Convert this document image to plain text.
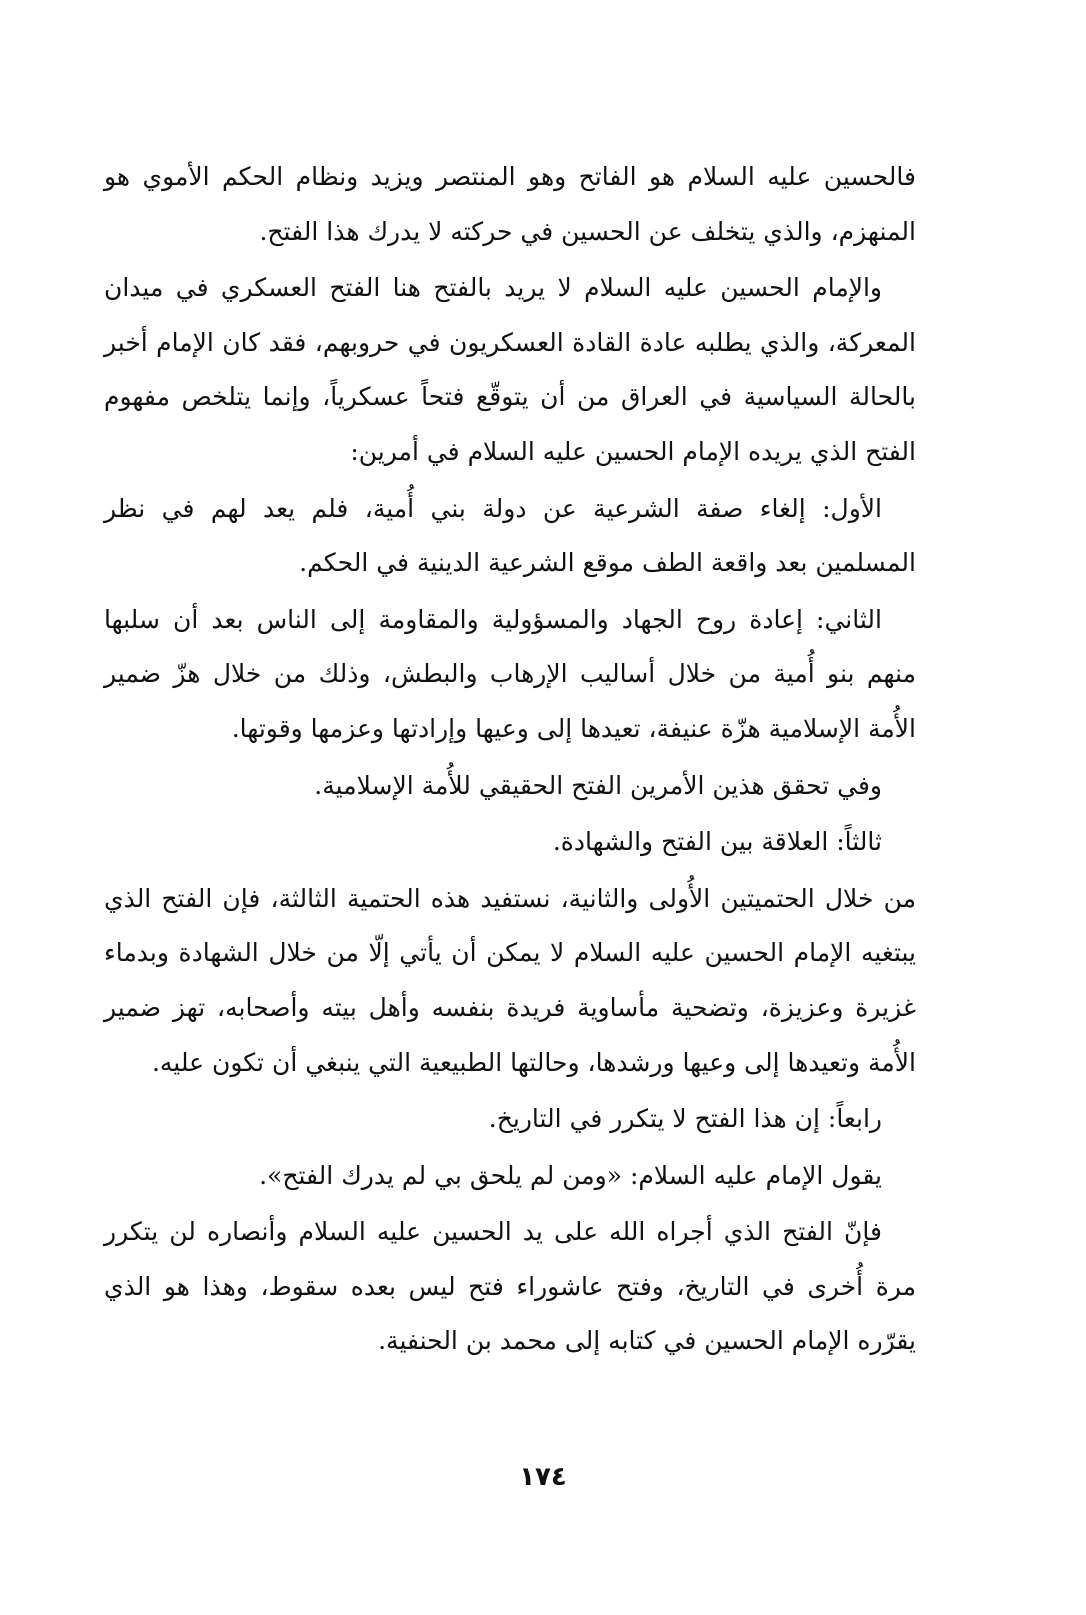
فالحسين عليه السلام هو الفاتح وهو المنتصر ويزيد ونظام الحكم الأموي هو المنهزم، والذي يتخلف عن الحسين في حركته لا يدرك هذا الفتح.

والإمام الحسين عليه السلام لا يريد بالفتح هنا الفتح العسكري في ميدان المعركة، والذي يطلبه عادة القادة العسكريون في حروبهم، فقد كان الإمام أخبر بالحالة السياسية في العراق من أن يتوقّع فتحاً عسكرياً، وإنما يتلخص مفهوم الفتح الذي يريده الإمام الحسين عليه السلام في أمرين:

الأول: إلغاء صفة الشرعية عن دولة بني أُمية، فلم يعد لهم في نظر المسلمين بعد واقعة الطف موقع الشرعية الدينية في الحكم.

الثاني: إعادة روح الجهاد والمسؤولية والمقاومة إلى الناس بعد أن سلبها منهم بنو أُمية من خلال أساليب الإرهاب والبطش، وذلك من خلال هزّ ضمير الأُمة الإسلامية هزّة عنيفة، تعيدها إلى وعيها وإرادتها وعزمها وقوتها.

وفي تحقق هذين الأمرين الفتح الحقيقي للأُمة الإسلامية.

ثالثاً: العلاقة بين الفتح والشهادة.

من خلال الحتميتين الأُولى والثانية، نستفيد هذه الحتمية الثالثة، فإن الفتح الذي يبتغيه الإمام الحسين عليه السلام لا يمكن أن يأتي إلّا من خلال الشهادة وبدماء غزيرة وعزيزة، وتضحية مأساوية فريدة بنفسه وأهل بيته وأصحابه، تهز ضمير الأُمة وتعيدها إلى وعيها ورشدها، وحالتها الطبيعية التي ينبغي أن تكون عليه.

رابعاً: إن هذا الفتح لا يتكرر في التاريخ.

يقول الإمام عليه السلام: «ومن لم يلحق بي لم يدرك الفتح».

فإنّ الفتح الذي أجراه الله على يد الحسين عليه السلام وأنصاره لن يتكرر مرة أُخرى في التاريخ، وفتح عاشوراء فتح ليس بعده سقوط، وهذا هو الذي يقرّره الإمام الحسين في كتابه إلى محمد بن الحنفية.

١٧٤
